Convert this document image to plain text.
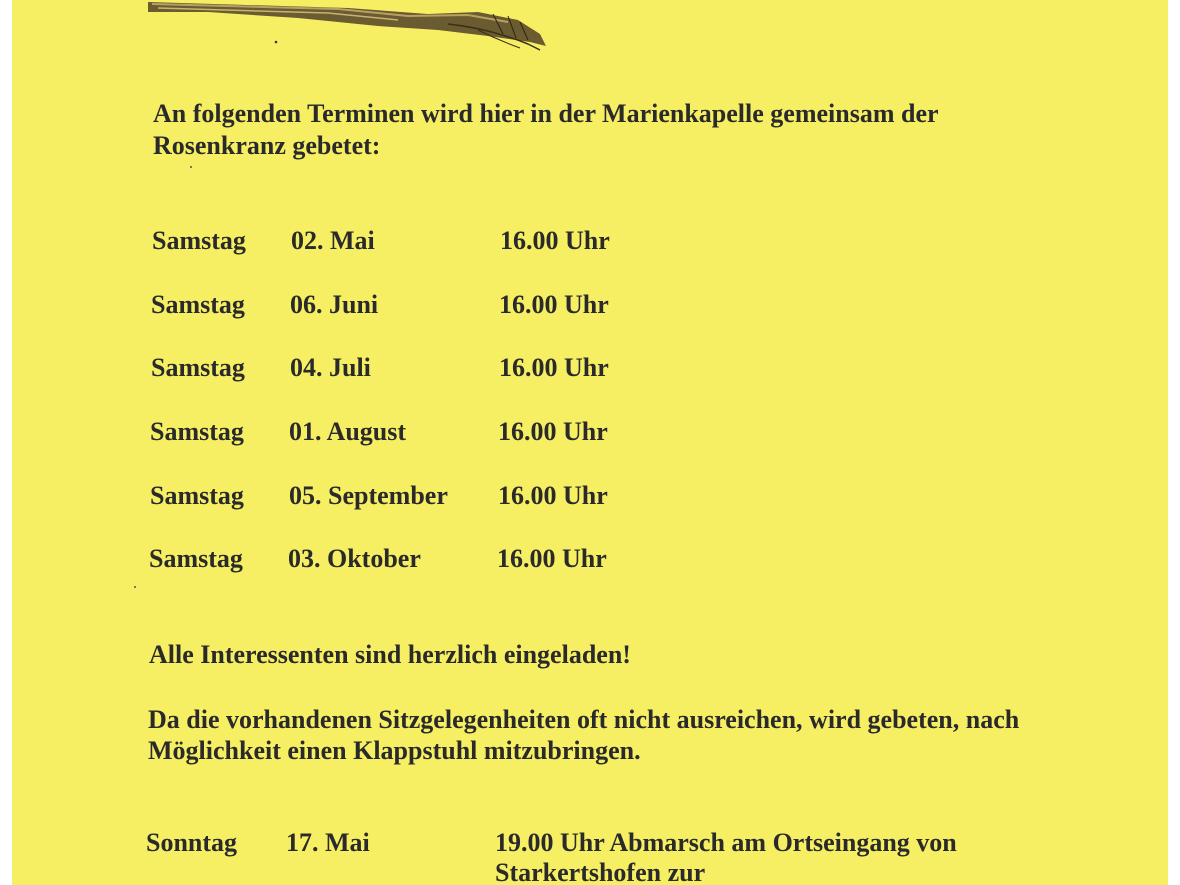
An folgenden Terminen wird hier in der Marienkapelle gemeinsam der Rosenkranz gebetet:
Samstag 02. Mai	16.00 Uhr
Samstag 06. Juni	16.00 Uhr
Samstag 04. Juli	16.00 Uhr
Samstag 01. August	16.00 Uhr
Samstag 05. September 16.00 Uhr
Samstag 03. Oktober	16.00 Uhr
Alle Interessenten sind herzlich eingeladen!
Da die vorhandenen Sitzgelegenheiten oft nicht ausreichen, wird gebeten, nach Möglichkeit einen Klappstuhl mitzubringen.
Sonntag 17. Mai	19.00 Uhr Abmarsch am Ortseingang von Starkertshofen zur
